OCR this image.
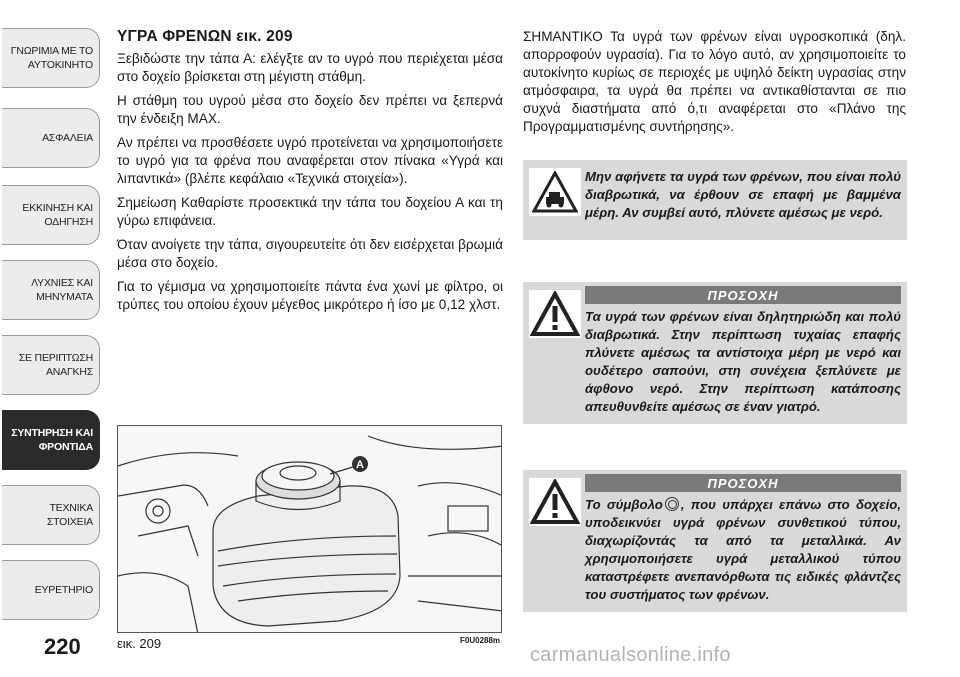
ΓΝΩΡΙΜΙΑ ΜΕ ΤΟ
ΑΥΤΟΚΙΝΗΤΟ
ΑΣΦΑΛΕΙΑ
ΕΚΚΙΝΗΣΗ ΚΑΙ
ΟΔΗΓΗΣΗ
ΛΥΧΝΙΕΣ ΚΑΙ
ΜΗΝΥΜΑΤΑ
ΣΕ ΠΕΡΙΠΤΩΣΗ
ΑΝΑΓΚΗΣ
ΣΥΝΤΗΡΗΣΗ ΚΑΙ
ΦΡΟΝΤΙΔΑ
ΤΕΧΝΙΚΑ ΣΤΟΙΧΕΙΑ
ΕΥΡΕΤΗΡΙΟ
220
ΥΓΡΑ ΦΡΕΝΩΝ εικ. 209

Ξεβιδώστε την τάπα Α: ελέγξτε αν το υγρό που περιέχεται μέσα στο δοχείο βρίσκεται στη μέγιστη στάθμη.

Η στάθμη του υγρού μέσα στο δοχείο δεν πρέπει να ξεπερνά την ένδειξη MAX.

Αν πρέπει να προσθέσετε υγρό προτείνεται να χρησιμοποιήσετε το υγρό για τα φρένα που αναφέρεται στον πίνακα «Υγρά και λιπαντικά» (βλέπε κεφάλαιο «Τεχνικά στοιχεία»).

Σημείωση Καθαρίστε προσεκτικά την τάπα του δοχείου Α και τη γύρω επιφάνεια.

Όταν ανοίγετε την τάπα, σιγουρευτείτε ότι δεν εισέρχεται βρωμιά μέσα στο δοχείο.

Για το γέμισμα να χρησιμοποιείτε πάντα ένα χωνί με φίλτρο, οι τρύπες του οποίου έχουν μέγεθος μικρότερο ή ίσο με 0,12 χλστ.

A
εικ. 209	F0U0288m

ΣΗΜΑΝΤΙΚΟ Τα υγρά των φρένων είναι υγροσκοπικά (δηλ. απορροφούν υγρασία). Για το λόγο αυτό, αν χρησιμοποιείτε το αυτοκίνητο κυρίως σε περιοχές με υψηλό δείκτη υγρασίας στην ατμόσφαιρα, τα υγρά θα πρέπει να αντικαθίστανται σε πιο συχνά διαστήματα από ό,τι αναφέρεται στο «Πλάνο της Προγραμματισμένης συντήρησης».

Μην αφήνετε τα υγρά των φρένων, που είναι πολύ διαβρωτικά, να έρθουν σε επαφή με βαμμένα μέρη. Αν συμβεί αυτό, πλύνετε αμέσως με νερό.
ΠΡΟΣΟΧΗ
Τα υγρά των φρένων είναι δηλητηριώδη και πολύ διαβρωτικά. Στην περίπτωση τυχαίας επαφής πλύνετε αμέσως τα αντίστοιχα μέρη με νερό και ουδέτερο σαπούνι, στη συνέχεια ξεπλύνετε με άφθονο νερό. Στην περίπτωση κατάποσης απευθυνθείτε αμέσως σε έναν γιατρό.
ΠΡΟΣΟΧΗ
Το σύμβολο , που υπάρχει επάνω στο δοχείο, υποδεικνύει υγρά φρένων συνθετικού τύπου, διαχωρίζοντάς τα από τα μεταλλικά. Αν χρησιμοποιήσετε υγρά μεταλλικού τύπου καταστρέφετε ανεπανόρθωτα τις ειδικές φλάντζες του συστήματος των φρένων.
carmanualsonline.info
